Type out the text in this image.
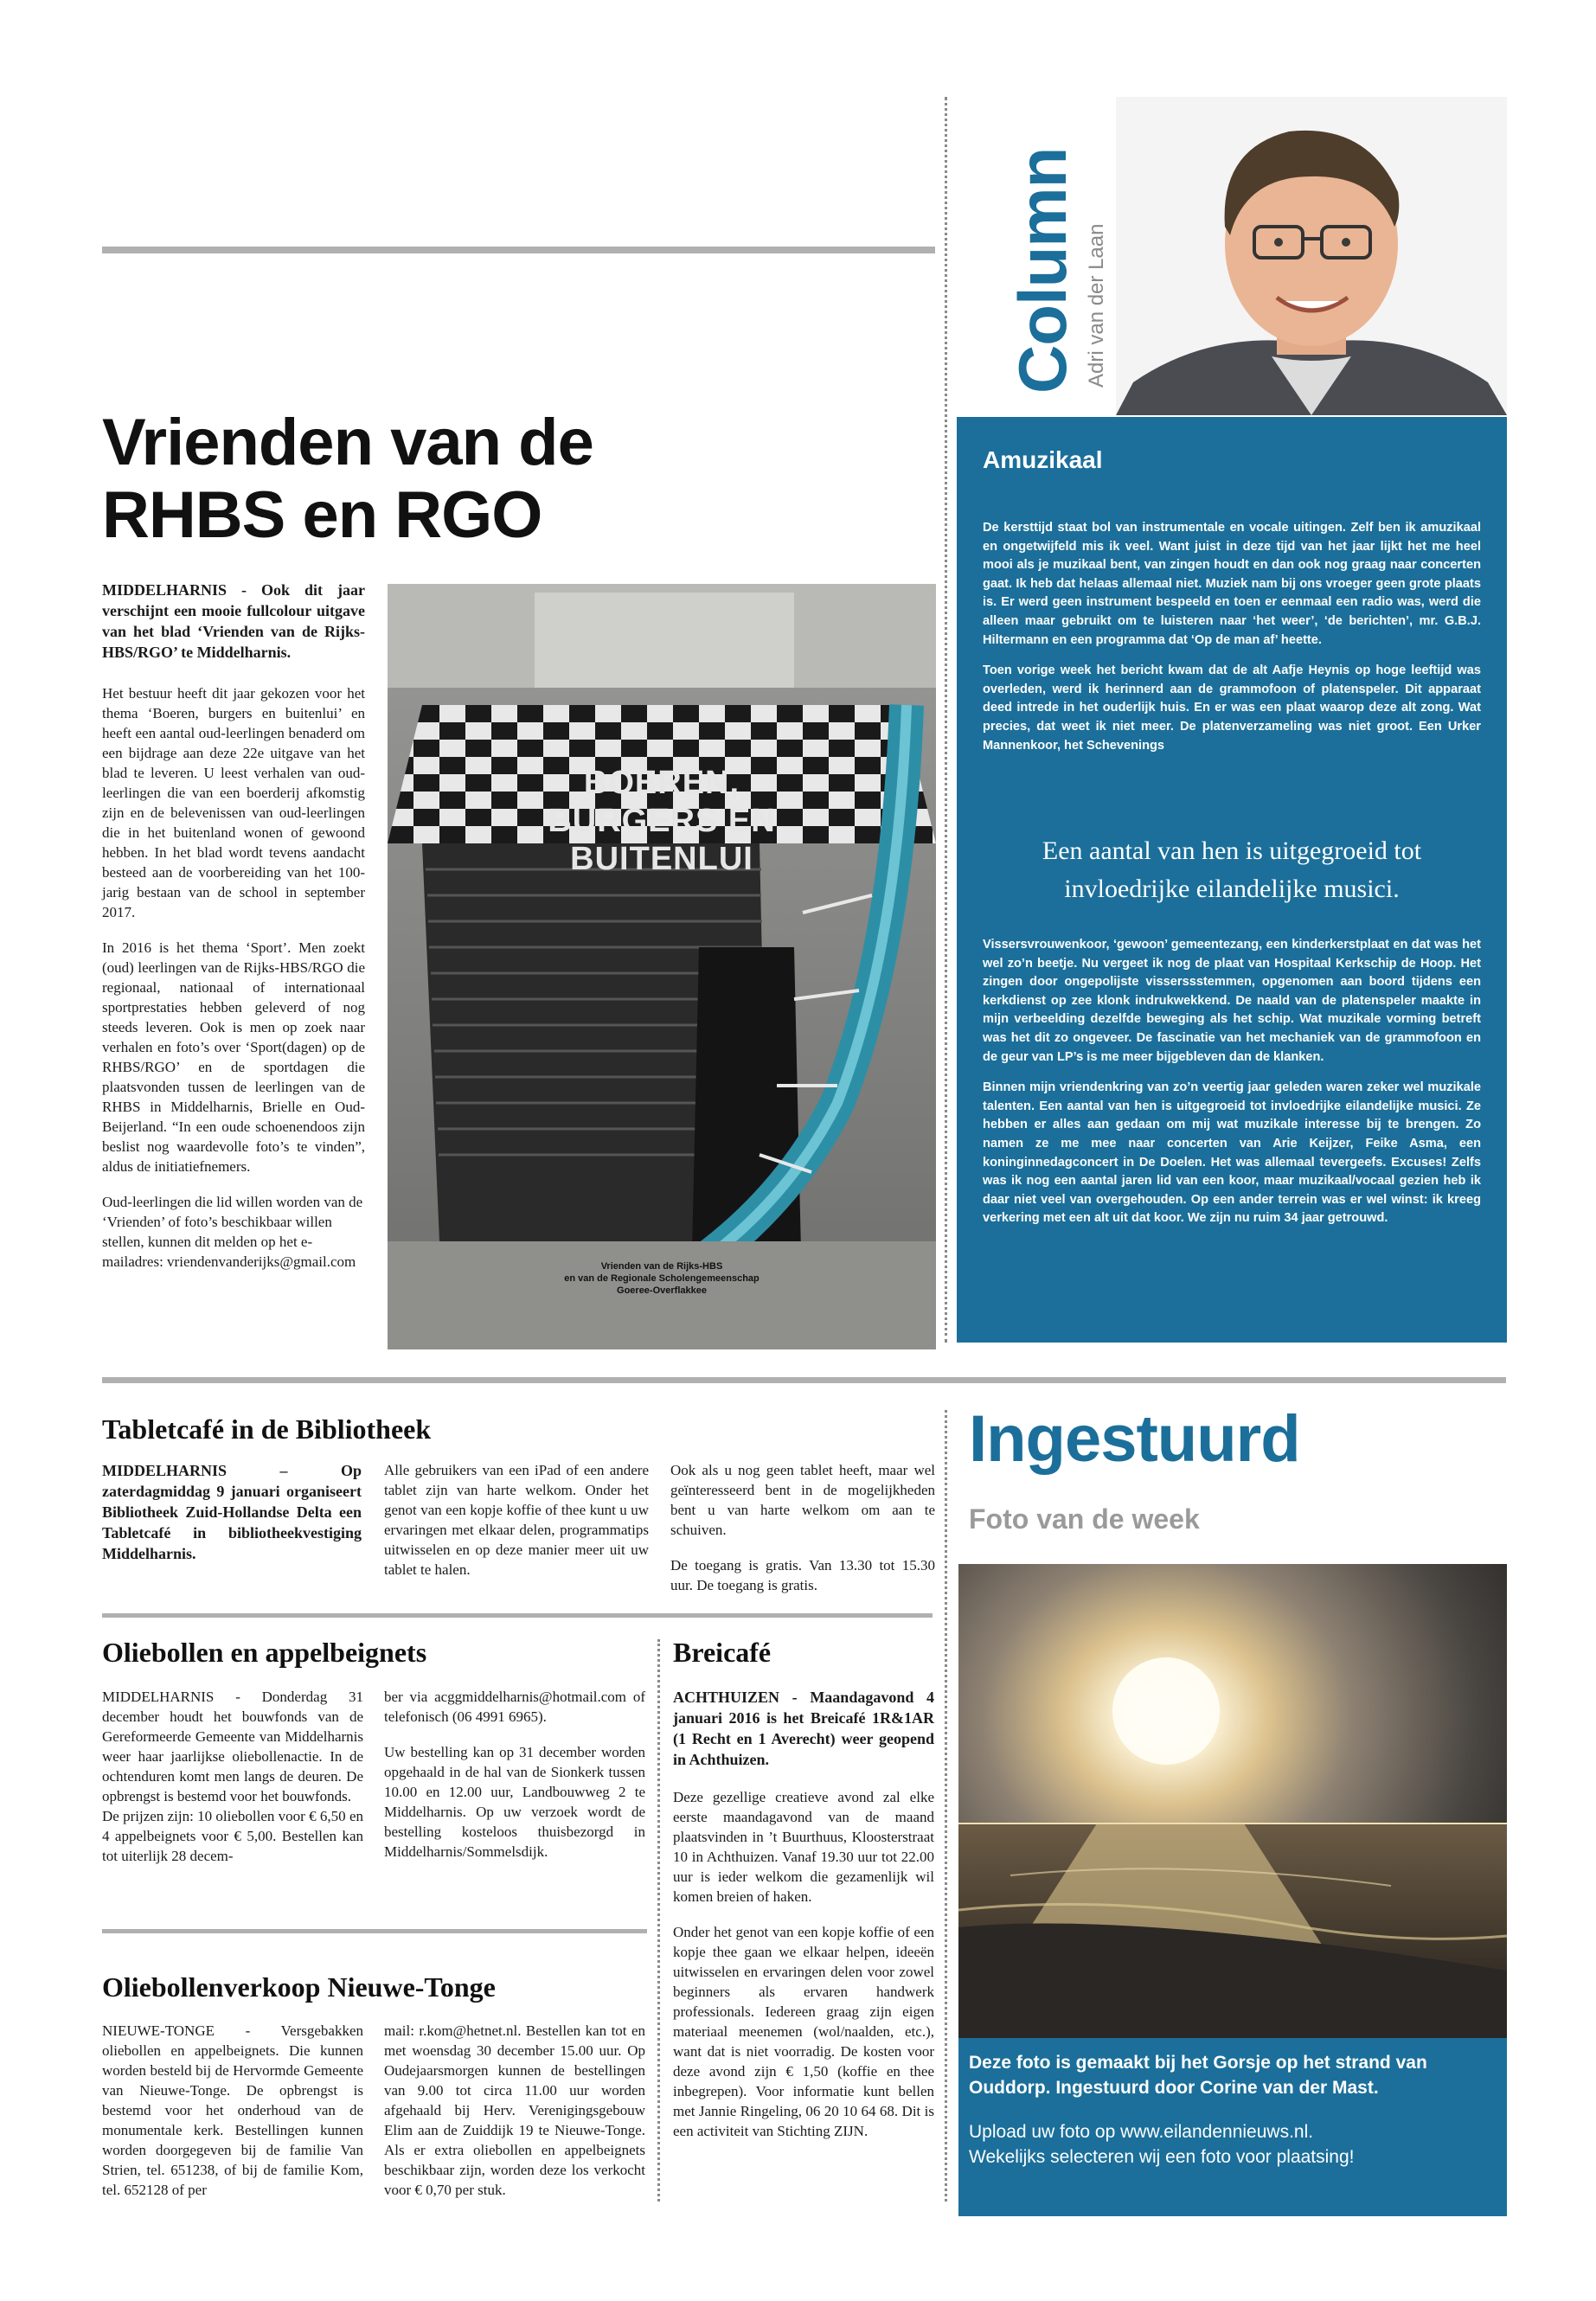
Column Adri van der Laan
Amuzikaal

De kersttijd staat bol van instrumentale en vocale uitingen. Zelf ben ik amuzikaal en ongetwijfeld mis ik veel. Want juist in deze tijd van het jaar lijkt het me heel mooi als je muzikaal bent, van zingen houdt en dan ook nog graag naar concerten gaat. Ik heb dat helaas allemaal niet. Muziek nam bij ons vroeger geen grote plaats is. Er werd geen instrument bespeeld en toen er eenmaal een radio was, werd die alleen maar gebruikt om te luisteren naar ‘het weer’, ‘de berichten’, mr. G.B.J. Hiltermann en een programma dat ‘Op de man af’ heette.

Toen vorige week het bericht kwam dat de alt Aafje Heynis op hoge leeftijd was overleden, werd ik herinnerd aan de grammofoon of platenspeler. Dit apparaat deed intrede in het ouderlijk huis. En er was een plaat waarop deze alt zong. Wat precies, dat weet ik niet meer. De platenverzameling was niet groot. Een Urker Mannenkoor, het Schevenings

Een aantal van hen is uitgegroeid tot invloedrijke eilandelijke musici.

Vissersvrouwenkoor, ‘gewoon’ gemeentezang, een kinderkerstplaat en dat was het wel zo’n beetje. Nu vergeet ik nog de plaat van Hospitaal Kerkschip de Hoop. Het zingen door ongepolijste visserssstemmen, opgenomen aan boord tijdens een kerkdienst op zee klonk indrukwekkend. De naald van de platenspeler maakte in mijn verbeelding dezelfde beweging als het schip. Wat muzikale vorming betreft was het dit zo ongeveer. De fascinatie van het mechaniek van de grammofoon en de geur van LP’s is me meer bijgebleven dan de klanken.

Binnen mijn vriendenkring van zo’n veertig jaar geleden waren zeker wel muzikale talenten. Een aantal van hen is uitgegroeid tot invloedrijke eilandelijke musici. Ze hebben er alles aan gedaan om mij wat muzikale interesse bij te brengen. Zo namen ze me mee naar concerten van Arie Keijzer, Feike Asma, een koninginnedagconcert in De Doelen. Het was allemaal tevergeefs. Excuses! Zelfs was ik nog een aantal jaren lid van een koor, maar muzikaal/vocaal gezien heb ik daar niet veel van overgehouden. Op een ander terrein was er wel winst: ik kreeg verkering met een alt uit dat koor. We zijn nu ruim 34 jaar getrouwd.

Vrienden van de
RHBS en RGO
MIDDELHARNIS - Ook dit jaar verschijnt een mooie fullcolour uitgave van het blad ‘Vrienden van de Rijks-HBS/RGO’ te Middelharnis.

Het bestuur heeft dit jaar gekozen voor het thema ‘Boeren, burgers en buitenlui’ en heeft een aantal oud-leerlingen benaderd om een bijdrage aan deze 22e uitgave van het blad te leveren. U leest verhalen van oud-leerlingen die van een boerderij afkomstig zijn en de belevenissen van oud-leerlingen die in het buitenland wonen of gewoond hebben. In het blad wordt tevens aandacht besteed aan de voorbereiding van het 100-jarig bestaan van de school in september 2017.

In 2016 is het thema ‘Sport’. Men zoekt (oud) leerlingen van de Rijks-HBS/RGO die regionaal, nationaal of internationaal sportprestaties hebben geleverd of nog steeds leveren. Ook is men op zoek naar verhalen en foto’s over ‘Sport(dagen) op de RHBS/RGO’ en de sportdagen die plaatsvonden tussen de leerlingen van de RHBS in Middelharnis, Brielle en Oud-Beijerland. “In een oude schoenendoos zijn beslist nog waardevolle foto’s te vinden”, aldus de initiatiefnemers.

Oud-leerlingen die lid willen worden van de ‘Vrienden’ of foto’s beschikbaar willen stellen, kunnen dit melden op het e-mailadres: vriendenvanderijks@gmail.com

BOEREN,
BURGERS EN
BUITENLUI
Vrienden van de Rijks-HBS
en van de Regionale Scholengemeenschap
Goeree-Overflakkee
Tabletcafé in de Bibliotheek
MIDDELHARNIS – Op zaterdagmiddag 9 januari organiseert Bibliotheek Zuid-Hollandse Delta een Tabletcafé in bibliotheekvestiging Middelharnis.
Alle gebruikers van een iPad of een andere tablet zijn van harte welkom. Onder het genot van een kopje koffie of thee kunt u uw ervaringen met elkaar delen, programmatips uitwisselen en op deze manier meer uit uw tablet te halen.

Ook als u nog geen tablet heeft, maar wel geïnteresseerd bent in de mogelijkheden bent u van harte welkom om aan te schuiven.

De toegang is gratis. Van 13.30 tot 15.30 uur. De toegang is gratis.

Oliebollen en appelbeignets

MIDDELHARNIS - Donderdag 31 december houdt het bouwfonds van de Gereformeerde Gemeente van Middelharnis weer haar jaarlijkse oliebollenactie. In de ochtenduren komt men langs de deuren. De opbrengst is bestemd voor het bouwfonds.

De prijzen zijn: 10 oliebollen voor € 6,50 en 4 appelbeignets voor € 5,00. Bestellen kan tot uiterlijk 28 decem-

ber via acggmiddelharnis@hotmail.com of telefonisch (06 4991 6965).

Uw bestelling kan op 31 december worden opgehaald in de hal van de Sionkerk tussen 10.00 en 12.00 uur, Landbouwweg 2 te Middelharnis. Op uw verzoek wordt de bestelling kosteloos thuisbezorgd in Middelharnis/Sommelsdijk.

Breicafé
ACHTHUIZEN - Maandagavond 4 januari 2016 is het Breicafé 1R&1AR (1 Recht en 1 Averecht) weer geopend in Achthuizen.

Deze gezellige creatieve avond zal elke eerste maandagavond van de maand plaatsvinden in ’t Buurthuus, Kloosterstraat 10 in Achthuizen. Vanaf 19.30 uur tot 22.00 uur is ieder welkom die gezamenlijk wil komen breien of haken.

Onder het genot van een kopje koffie of een kopje thee gaan we elkaar helpen, ideeën uitwisselen en ervaringen delen voor zowel beginners als ervaren handwerk professionals. Iedereen graag zijn eigen materiaal meenemen (wol/naalden, etc.), want dat is niet voorradig. De kosten voor deze avond zijn € 1,50 (koffie en thee inbegrepen). Voor informatie kunt bellen met Jannie Ringeling, 06 20 10 64 68. Dit is een activiteit van Stichting ZIJN.

Oliebollenverkoop Nieuwe-Tonge
NIEUWE-TONGE - Versgebakken oliebollen en appelbeignets. Die kunnen worden besteld bij de Hervormde Gemeente van Nieuwe-Tonge. De opbrengst is bestemd voor het onderhoud van de monumentale kerk. Bestellingen kunnen worden doorgegeven bij de familie Van Strien, tel. 651238, of bij de familie Kom, tel. 652128 of per
mail: r.kom@hetnet.nl. Bestellen kan tot en met woensdag 30 december 15.00 uur. Op Oudejaarsmorgen kunnen de bestellingen van 9.00 tot circa 11.00 uur worden afgehaald bij Herv. Verenigingsgebouw Elim aan de Zuiddijk 19 te Nieuwe-Tonge. Als er extra oliebollen en appelbeignets beschikbaar zijn, worden deze los verkocht voor € 0,70 per stuk.
Ingestuurd
Foto van de week
Deze foto is gemaakt bij het Gorsje op het strand van Ouddorp. Ingestuurd door Corine van der Mast.
Upload uw foto op www.eilandennieuws.nl.
Wekelijks selecteren wij een foto voor plaatsing!
